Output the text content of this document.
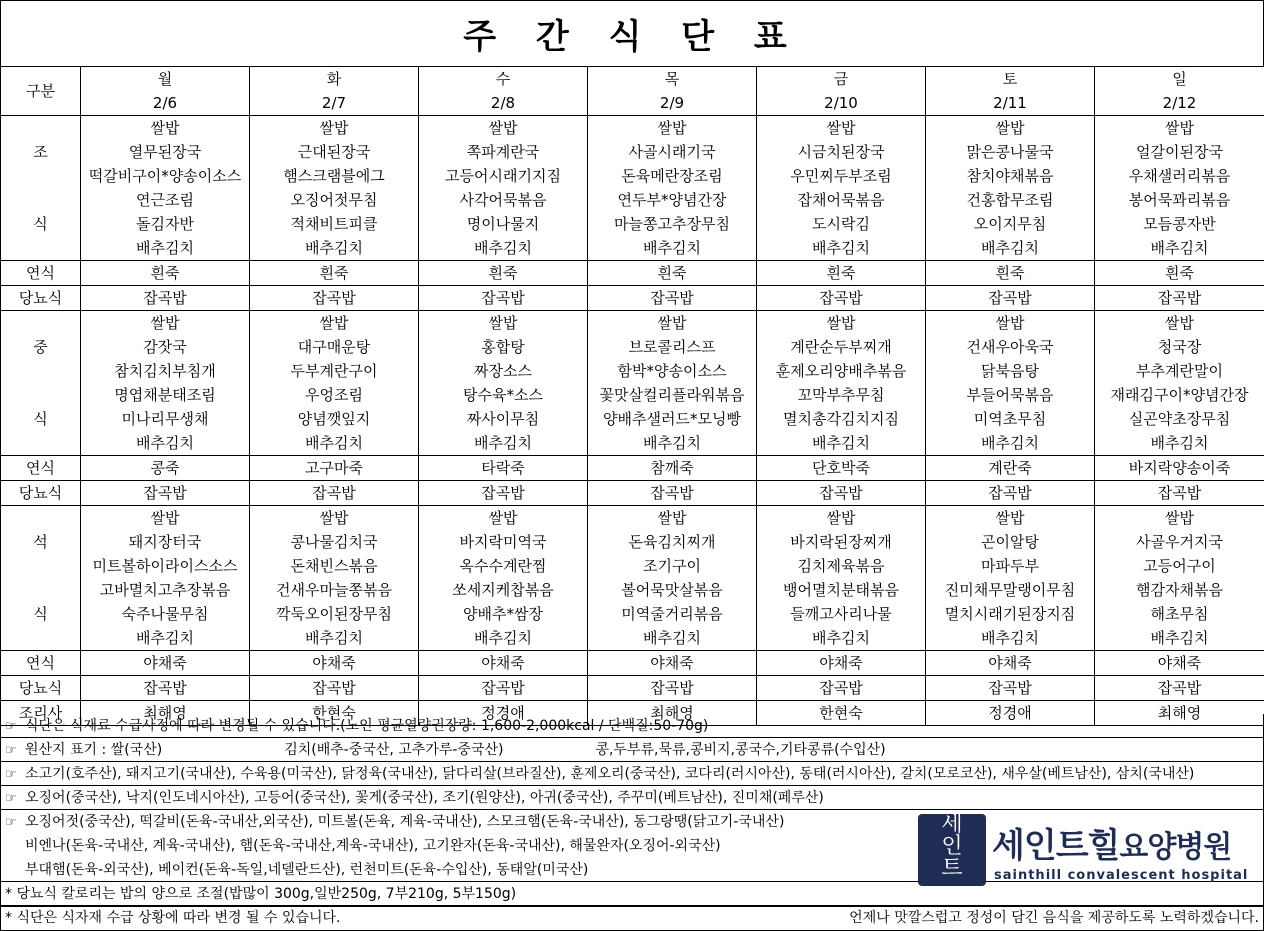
주 간 식 단 표
구분	월	화	수	목	금	토	일
	2/6	2/7	2/8	2/9	2/10	2/11	2/12
	쌀밥	쌀밥	쌀밥	쌀밥	쌀밥	쌀밥	쌀밥
조	열무된장국	근대된장국	쪽파계란국	사골시래기국	시금치된장국	맑은콩나물국	얼갈이된장국
	떡갈비구이*양송이소스	햄스크램블에그	고등어시래기지짐	돈육메란장조림	우민찌두부조림	참치야채볶음	우채샐러리볶음
	연근조림	오징어젓무침	사각어묵볶음	연두부*양념간장	잡채어묵볶음	건홍합무조림	봉어묵꽈리볶음
식	돌김자반	적채비트피클	명이나물지	마늘쫑고추장무침	도시락김	오이지무침	모듬콩자반
	배추김치	배추김치	배추김치	배추김치	배추김치	배추김치	배추김치
연식	흰죽	흰죽	흰죽	흰죽	흰죽	흰죽	흰죽
당뇨식	잡곡밥	잡곡밥	잡곡밥	잡곡밥	잡곡밥	잡곡밥	잡곡밥
	쌀밥	쌀밥	쌀밥	쌀밥	쌀밥	쌀밥	쌀밥
중	감잣국	대구매운탕	홍합탕	브로콜리스프	계란순두부찌개	건새우아욱국	청국장
	참치김치부침개	두부계란구이	짜장소스	함박*양송이소스	훈제오리양배추볶음	닭북음탕	부추계란말이
	명엽채분태조림	우엉조림	탕수육*소스	꽃맛살컬리플라워볶음	꼬막부추무침	부들어묵볶음	재래김구이*양념간장
식	미나리무생채	양념깻잎지	짜사이무침	양배추샐러드*모닝빵	멸치총각김치지짐	미역초무침	실곤약초장무침
	배추김치	배추김치	배추김치	배추김치	배추김치	배추김치	배추김치
연식	콩죽	고구마죽	타락죽	참깨죽	단호박죽	계란죽	바지락양송이죽
당뇨식	잡곡밥	잡곡밥	잡곡밥	잡곡밥	잡곡밥	잡곡밥	잡곡밥
	쌀밥	쌀밥	쌀밥	쌀밥	쌀밥	쌀밥	쌀밥
석	돼지장터국	콩나물김치국	바지락미역국	돈육김치찌개	바지락된장찌개	곤이알탕	사골우거지국
	미트볼하이라이스소스	돈채빈스볶음	옥수수계란찜	조기구이	김치제육볶음	마파두부	고등어구이
	고바멸치고추장볶음	건새우마늘쫑볶음	쏘세지케찹볶음	볼어묵맛살볶음	뱅어멸치분태볶음	진미채무말랭이무침	햄감자채볶음
식	숙주나물무침	깍둑오이된장무침	양배추*쌈장	미역줄거리볶음	들깨고사리나물	멸치시래기된장지짐	해초무침
	배추김치	배추김치	배추김치	배추김치	배추김치	배추김치	배추김치
연식	야채죽	야채죽	야채죽	야채죽	야채죽	야채죽	야채죽
당뇨식	잡곡밥	잡곡밥	잡곡밥	잡곡밥	잡곡밥	잡곡밥	잡곡밥
조리사	최해영	한현숙	정경애	최해영	한현숙	정경애	최해영
☞ 식단은 식재료 수급사정에 따라 변경될 수 있습니다.(노인 평균열량권장량: 1,600-2,000kcal / 단백질:50-70g)
☞ 원산지 표기 : 쌀(국산)	김치(배추-중국산, 고추가루-중국산)	콩,두부류,묵류,콩비지,콩국수,기타콩류(수입산)
☞ 소고기(호주산), 돼지고기(국내산), 수육용(미국산), 닭정육(국내산), 닭다리살(브라질산), 훈제오리(중국산), 코다리(러시아산), 동태(러시아산), 갈치(모로코산), 새우살(베트남산), 삼치(국내산)
☞ 오징어(중국산), 낙지(인도네시아산), 고등어(중국산), 꽃게(중국산), 조기(원양산), 아귀(중국산), 주꾸미(베트남산), 진미채(페루산)
☞ 오징어젓(중국산), 떡갈비(돈육-국내산,외국산), 미트볼(돈육, 계육-국내산), 스모크햄(돈육-국내산), 동그랑땡(닭고기-국내산)
비엔나(돈육-국내산, 계육-국내산), 햄(돈육-국내산,계육-국내산), 고기완자(돈육-국내산), 해물완자(오징어-외국산)
부대햄(돈육-외국산), 베이컨(돈육-독일,네델란드산), 런천미트(돈육-수입산), 동태알(미국산)
* 당뇨식 칼로리는 밥의 양으로 조절(밥많이 300g,일반250g, 7부210g, 5부150g)
세
인
트
세인트힐요양병원
sainthill convalescent hospital
* 식단은 식자재 수급 상황에 따라 변경 될 수 있습니다.	언제나 맛깔스럽고 정성이 담긴 음식을 제공하도록 노력하겠습니다.
